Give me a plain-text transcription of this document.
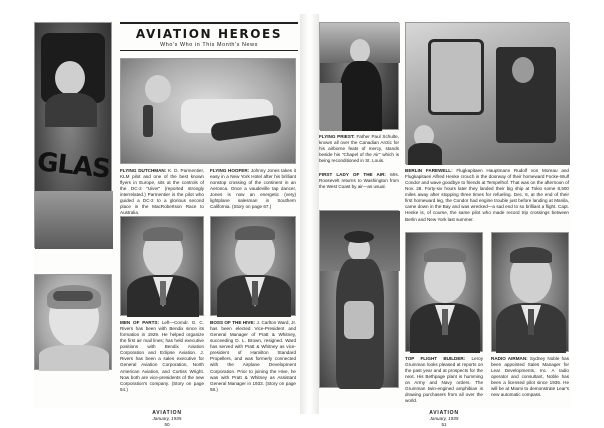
GLAS
AVIATION HEROES
Who's Who in This Month's News
FLYING DUTCHMAN: K. D. Parmentier, KLM pilot and one of the best known flyers in Europe, sits at the controls of the DC-2 "Uiver" (reported strongly interrelated.) Parmentier is the pilot who guided a DC-2 to a glorious second place in the MacRobertson Race to Australia.
FLYING HOOFER: Johnny Jones takes it easy in a New York Hotel after his brilliant nonstop crossing of the continent in an Aeronca. Once a vaudeville tap dancer, Jones is now an energetic (very) lightplane salesman in Southern California. (Story on page 67.)
MEN OF PARTS: Left—Comdr. G. C. Rivers has been with Bendix since its formation in 1929. He helped organize the first air mail lines; has held executive positions with Bendix Aviation Corporation and Eclipse Aviation. J. Rivers has been a sales executive for General Aviation Corporation, North American Aviation, and Curtiss Wright. Now both are vice-presidents of the new Corporation's company. (Story on page 54.)
BOSS OF THE HIVE: J. Carlton Ward, Jr. has been elected Vice-President and General Manager of Pratt & Whitney, succeeding D. L. Brown, resigned. Ward has served with Pratt & Whitney as vice-president of Hamilton Standard Propellers, and was formerly connected with the Airplane Development Corporation. Prior to joining the Hive, he was with Pratt & Whitney as Assistant General Manager in 1933. (Story on page 58.)
AVIATION
January, 1935
50
FLYING PRIEST: Father Paul Schulte, known all over the Canadian Arctic for his airborne feats of mercy, stands beside his "Chapel of the Air" which is being reconditioned in St. Louis.
FIRST LADY OF THE AIR: Mrs. Roosevelt returns to Washington from the West Coast by air—as usual.
BERLIN FAREWELL: Flugkapitaen Hauptmann Rudolf von Moreau and Flugkapitaen Alfred Henke crouch in the doorway of their homeward Focke-Wulf Condor and wave goodbye to friends at Tempelhof. That was on the afternoon of Nov. 28. Forty-six hours later they landed their big ship at Tokio some 8,500 miles away after stopping three times for refueling. Dec. 6, at the end of their first homeward leg, the Condor had engine trouble just before landing at Manila, came down in the Bay and was wrecked—a sad end to so brilliant a flight. Capt. Henke is, of course, the same pilot who made record trip crossings between Berlin and New York last summer.
TOP FLIGHT BUILDER: Leroy Grumman looks pleased at reports on the past year and at prospects for the next. His Bethpage plant is humming on Army and Navy orders. The Grumman twin-engined amphibian is drawing purchasers from all over the world.
RADIO AIRMAN: Sydney Noble has been appointed Sales Manager for Lear Developments, Inc. A radio operator and consultant, Noble has been a licensed pilot since 1935. He will be at Miami to demonstrate Lear's new automatic compass.
AVIATION
January, 1935
51
